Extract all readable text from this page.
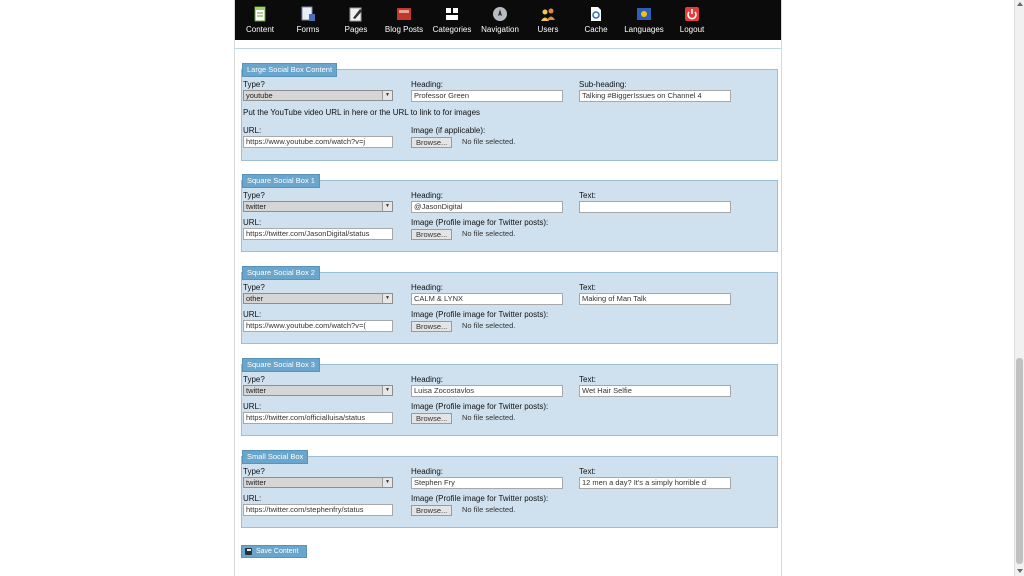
Content	Forms	Pages	Blog Posts	Categories	Navigation	Users	Cache	Languages	Logout
Large Social Box Content
Type?
youtube	▼
Heading:
Professor Green
Sub-heading:
Talking #BiggerIssues on Channel 4
Put the YouTube video URL in here or the URL to link to for images
URL:
https://www.youtube.com/watch?v=j
Image (if applicable):
Browse...	No file selected.
Square Social Box 1
Type?
twitter	▼
Heading:
@JasonDigital
Text:
URL:
https://twitter.com/JasonDigital/status
Image (Profile image for Twitter posts):
Browse...	No file selected.
Square Social Box 2
Type?
other	▼
Heading:
CALM & LYNX
Text:
Making of Man Talk
URL:
https://www.youtube.com/watch?v=(
Image (Profile image for Twitter posts):
Browse...	No file selected.
Square Social Box 3
Type?
twitter	▼
Heading:
Luisa Zocostavlos
Text:
Wet Hair Selfie
URL:
https://twitter.com/officialluisa/status
Image (Profile image for Twitter posts):
Browse...	No file selected.
Small Social Box
Type?
twitter	▼
Heading:
Stephen Fry
Text:
12 men a day? It's a simply horrible d
URL:
https://twitter.com/stephenfry/status
Image (Profile image for Twitter posts):
Browse...	No file selected.
Save Content
